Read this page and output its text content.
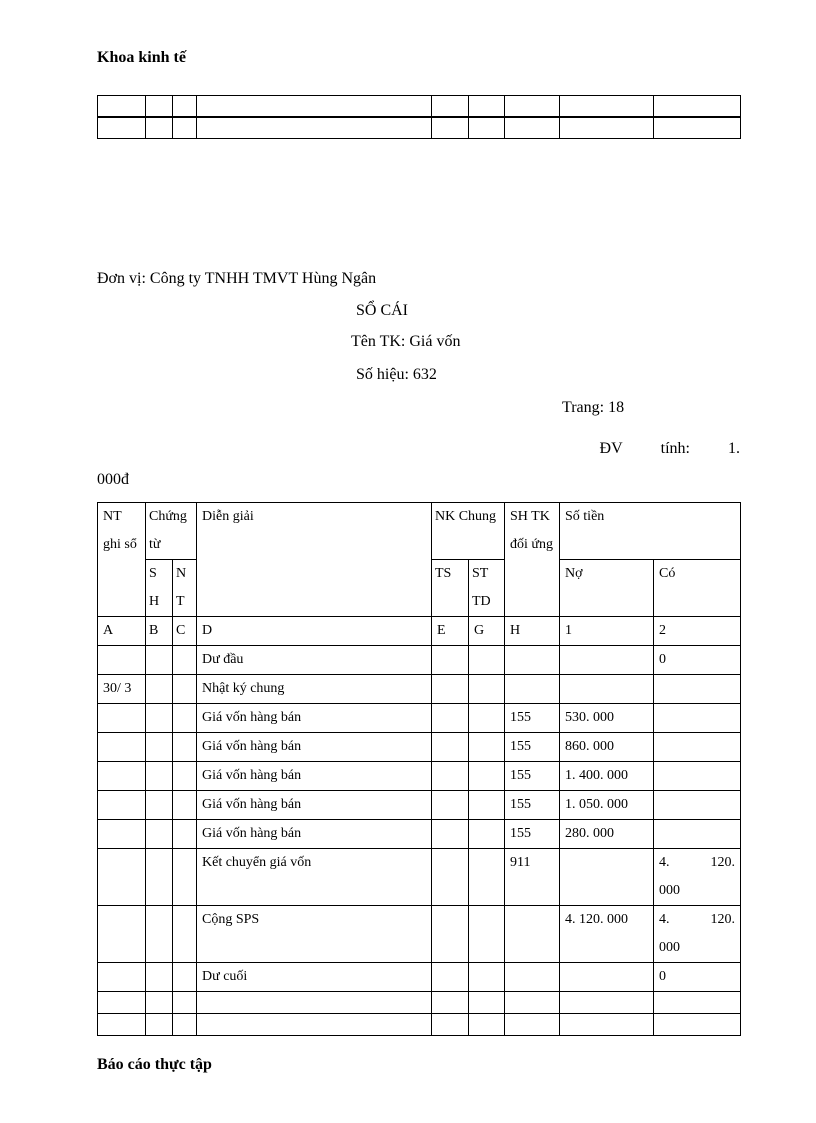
Khoa kinh tế

Đơn vị: Công ty TNHH TMVT Hùng Ngân
SỔ CÁI
Tên TK: Giá vốn
Số hiệu: 632
Trang: 18
ĐV tính: 1.
000đ
NT ghi sổ	Chứng từ		Diễn giải	NK Chung		SH TK đối ứng	Số tiền	
	S H	N T		TS	ST TD		Nợ	Có
A	B	C	D	E	G	H	1	2
			Dư đầu					0
30/ 3			Nhật ký chung					
			Giá vốn hàng bán			155	530. 000	
			Giá vốn hàng bán			155	860. 000	
			Giá vốn hàng bán			155	1. 400. 000	
			Giá vốn hàng bán			155	1. 050. 000	
			Giá vốn hàng bán			155	280. 000	
			Kết chuyển giá vốn			911		4. 120.
000

			Cộng SPS				4. 120. 000	4. 120.
000

			Dư cuối					0

Báo cáo thực tập
